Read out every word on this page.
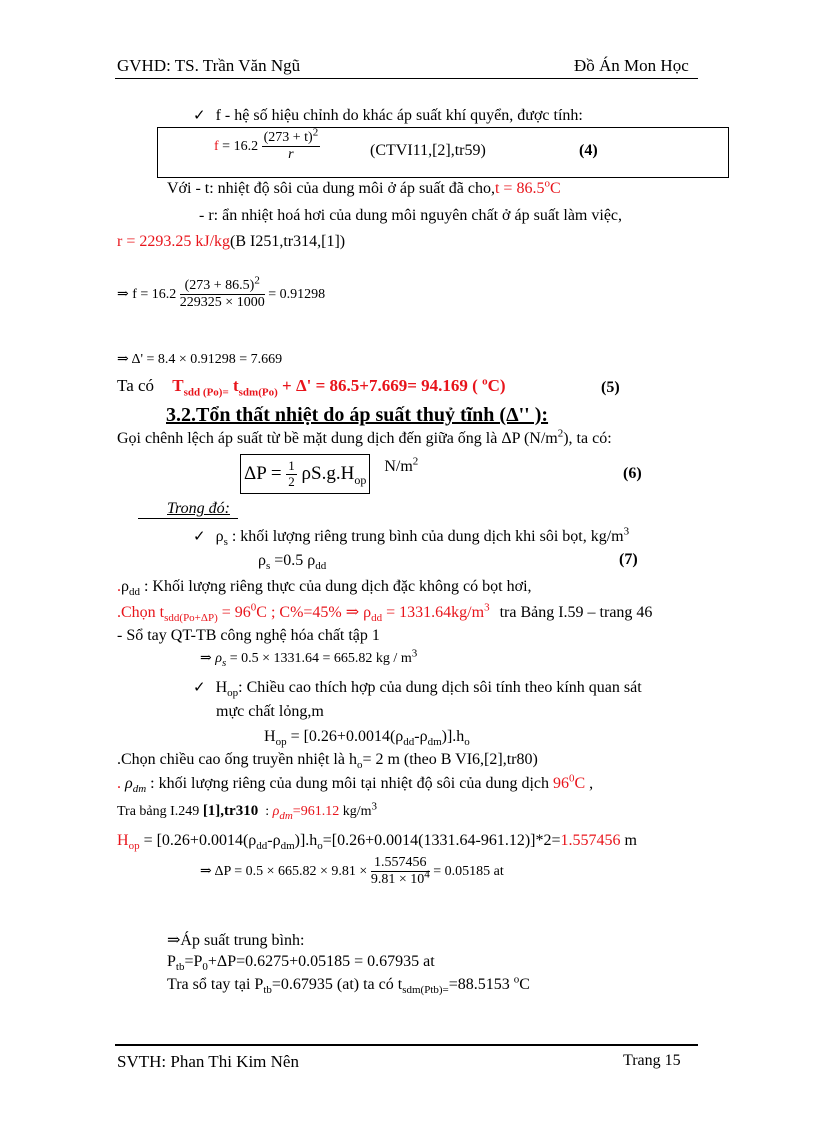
GVHD: TS. Trần Văn Ngũ	Đồ Án Mon Học
✓ f - hệ số hiệu chỉnh do khác áp suất khí quyển, được tính:
$f = 16.2 \frac{(273 + t)^2}{r}$	(CTVI11,[2],tr59)	(4)
Với - t: nhiệt độ sôi của dung môi ở áp suất đã $cho,t = 86.5^oC$
- r: ẩn nhiệt hoá hơi của dung môi nguyên chất ở áp suất làm việc,
r = 2293.25 kJ/kg(B I251,tr314,[1])
⇒ $f = 16.2 \frac{(273 + 86.5)^2}{229325 \times 1000} = 0.91298$
⇒ Δ' = 8.4 × 0.91298 = 7.669
Ta có $T_{sdd (Po)=}$ $t_{sdm(Po)} + \Delta' = 86.5+7.669= 94.169$ ( $^o$C)	(5)
3.2.Tổn thất nhiệt do áp suất thuỷ tĩnh (Δ'' ):
Gọi chênh lệch áp suất từ bề mặt dung dịch đến giữa ống là ΔP $(N/m^2)$, ta có:
$\Delta P = \frac{1}{2} \rho S.g.H_{op}$ $N/m^2$
(6)
Trong đó:
✓ $\rho_s$ : khối lượng riêng trung bình của dung dịch khi sôi bọt, $kg/m^3$
$\rho_s =0.5$ $\rho_{dd}$	(7)
$.\rho_{dd}$ : Khối lượng riêng thực của dung dịch đặc không có bọt hơi,
.Chọn $t_{sdd(Po+\Delta P)} = 96^0C$ ; C%=45% ⇒ $\rho_{dd} = 1331.64kg/m^3$ tra Bảng I.59 – trang 46
- Sổ tay QT-TB công nghệ hóa chất tập 1
⇒ $\rho_s = 0.5 \times 1331.64 = 665.82$ kg / $m^3$
✓ $H_{op}$: Chiều cao thích hợp của dung dịch sôi tính theo kính quan sát
mực chất lỏng,m
$H_{op} = [0.26+0.0014(\rho_{dd}-\rho_{dm})].h_o$
.Chọn chiều cao ống truyền nhiệt là $h_o= 2$ m (theo B VI6,[2],tr80)
. $\rho_{dm}$ : khối lượng riêng của dung môi tại nhiệt độ sôi của dung dịch $96^0C$ ,
Tra bảng I.249 [1],tr310  : $\rho_{dm}=961.12$ $kg/m^3$
$H_{op} = [0.26+0.0014(\rho_{dd}-\rho_{dm})].h_o=[0.26+0.0014(1331.64-961.12)]*2=1.557456$ m
⇒ $\Delta P = 0.5 \times 665.82 \times 9.81 \times \frac{1.557456}{9.81 \times 10^4} = 0.05185$ at
⇒Áp suất trung bình:
$P_{tb}=P_0+\Delta P=0.6275+0.05185 = 0.67935$ at
Tra sổ tay tại $P_{tb}=0.67935$ (at) ta có $t_{sdm(Ptb)=}=88.5153$ $^o$C
SVTH: Phan Thi Kim Nên	Trang 15
